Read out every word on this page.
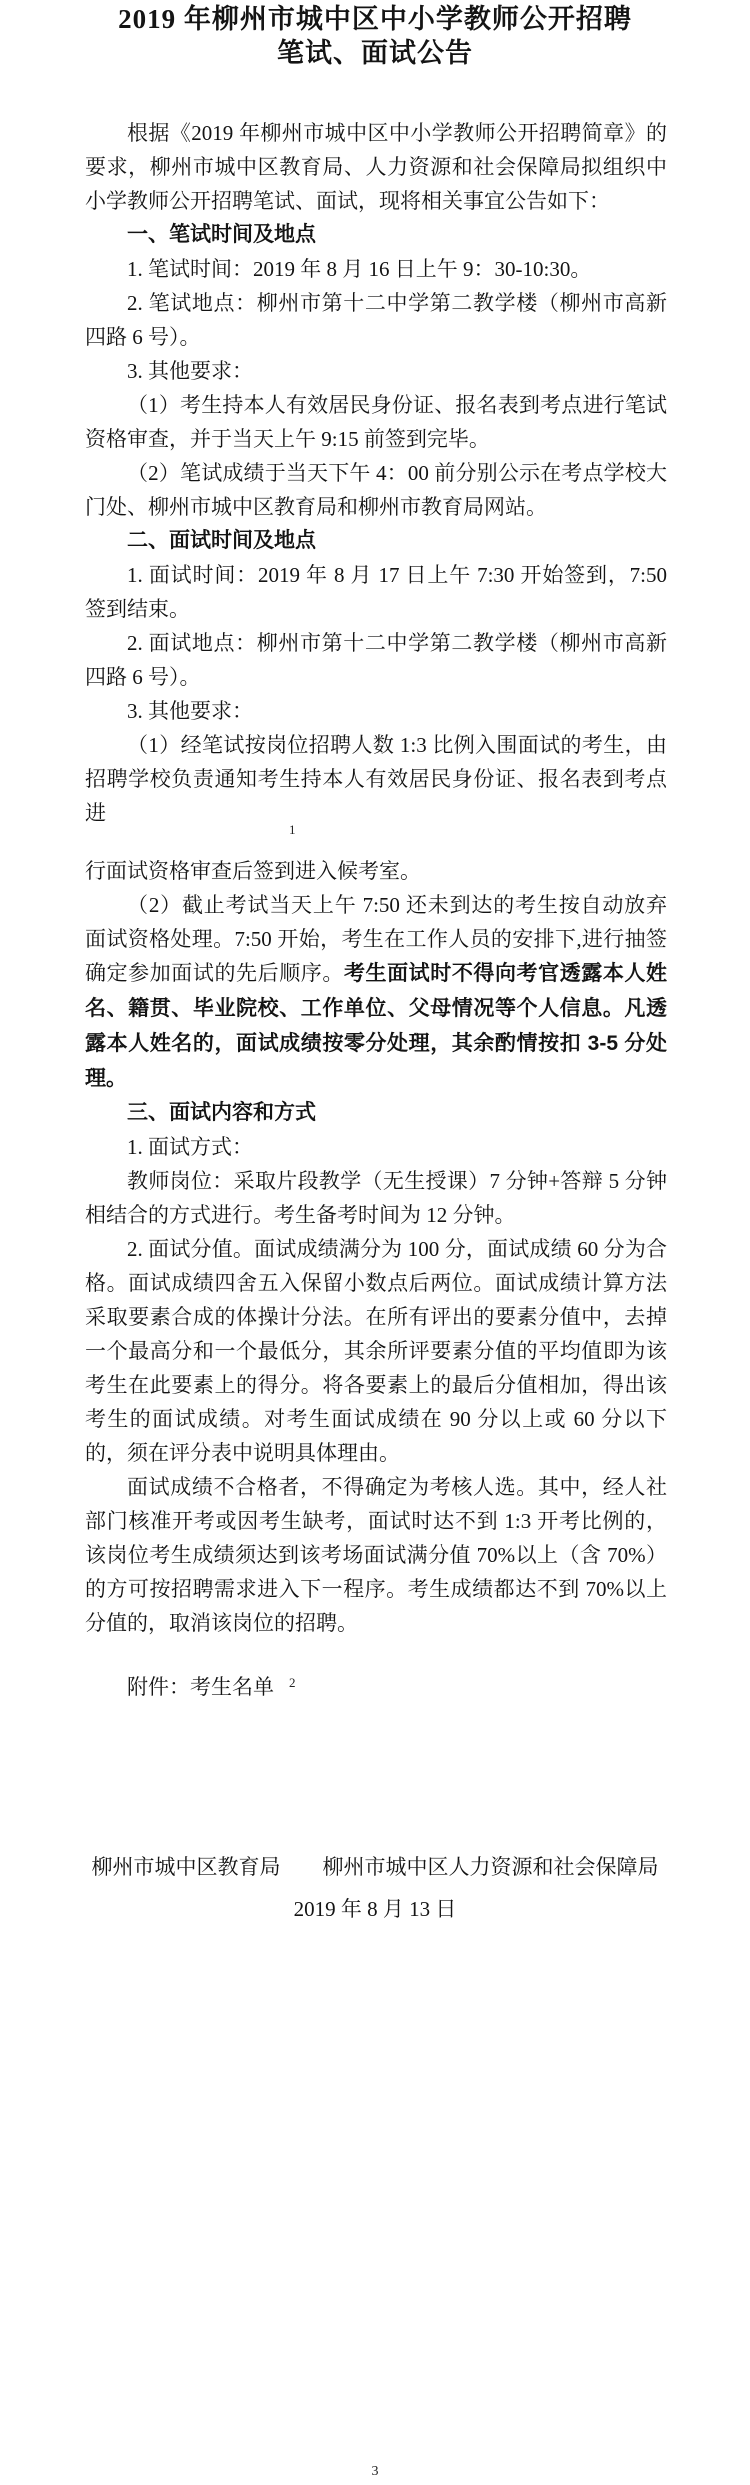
2019 年柳州市城中区中小学教师公开招聘
笔试、面试公告

根据《2019 年柳州市城中区中小学教师公开招聘简章》的要求，柳州市城中区教育局、人力资源和社会保障局拟组织中小学教师公开招聘笔试、面试，现将相关事宜公告如下：

一、笔试时间及地点

1. 笔试时间：2019 年 8 月 16 日上午 9：30-10:30。

2. 笔试地点：柳州市第十二中学第二教学楼（柳州市高新四路 6 号）。

3. 其他要求：

（1）考生持本人有效居民身份证、报名表到考点进行笔试资格审查，并于当天上午 9:15 前签到完毕。

（2）笔试成绩于当天下午 4：00 前分别公示在考点学校大门处、柳州市城中区教育局和柳州市教育局网站。

二、面试时间及地点

1. 面试时间：2019 年 8 月 17 日上午 7:30 开始签到，7:50 签到结束。

2. 面试地点：柳州市第十二中学第二教学楼（柳州市高新四路 6 号）。

3. 其他要求：

（1）经笔试按岗位招聘人数 1:3 比例入围面试的考生，由招聘学校负责通知考生持本人有效居民身份证、报名表到考点进

行面试资格审查后签到进入候考室。

（2）截止考试当天上午 7:50 还未到达的考生按自动放弃面试资格处理。7:50 开始，考生在工作人员的安排下,进行抽签确定参加面试的先后顺序。考生面试时不得向考官透露本人姓名、籍贯、毕业院校、工作单位、父母情况等个人信息。凡透露本人姓名的，面试成绩按零分处理，其余酌情按扣 3-5 分处理。

三、面试内容和方式

1. 面试方式：

教师岗位：采取片段教学（无生授课）7 分钟+答辩 5 分钟相结合的方式进行。考生备考时间为 12 分钟。

2. 面试分值。面试成绩满分为 100 分，面试成绩 60 分为合格。面试成绩四舍五入保留小数点后两位。面试成绩计算方法采取要素合成的体操计分法。在所有评出的要素分值中，去掉一个最高分和一个最低分，其余所评要素分值的平均值即为该考生在此要素上的得分。将各要素上的最后分值相加，得出该考生的面试成绩。对考生面试成绩在 90 分以上或 60 分以下的，须在评分表中说明具体理由。

面试成绩不合格者，不得确定为考核人选。其中，经人社部门核准开考或因考生缺考，面试时达不到 1:3 开考比例的，该岗位考生成绩须达到该考场面试满分值 70%以上（含 70%）的方可按招聘需求进入下一程序。考生成绩都达不到 70%以上分值的，取消该岗位的招聘。

附件：考生名单

1
2
柳州市城中区教育局 柳州市城中区人力资源和社会保障局
2019 年 8 月 13 日
3
